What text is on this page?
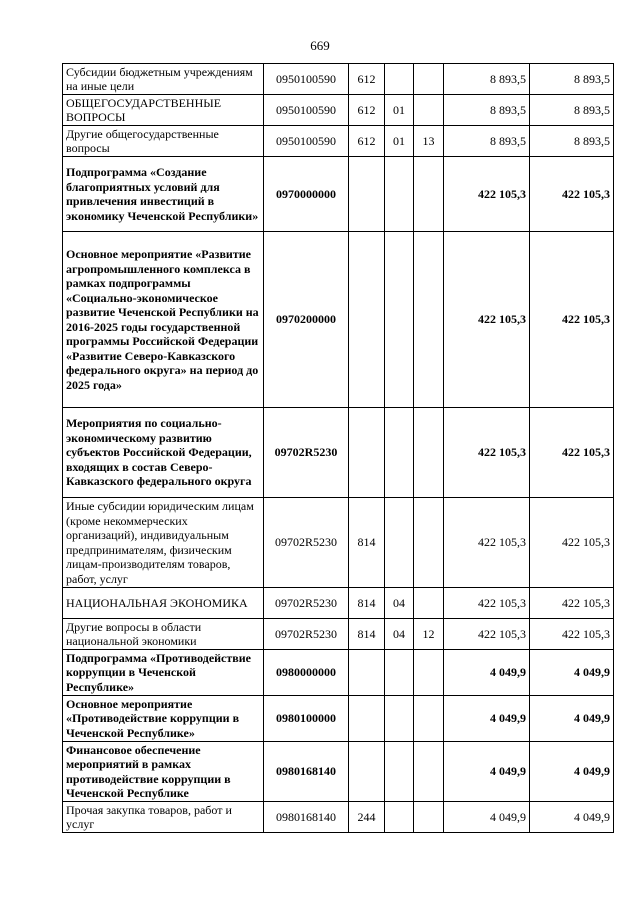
669
Субсидии бюджетным учреждениям на иные цели	0950100590	612			8 893,5	8 893,5
ОБЩЕГОСУДАРСТВЕННЫЕ ВОПРОСЫ	0950100590	612	01		8 893,5	8 893,5
Другие общегосударственные вопросы	0950100590	612	01	13	8 893,5	8 893,5
Подпрограмма «Создание благоприятных условий для привлечения инвестиций в экономику Чеченской Республики»	0970000000				422 105,3	422 105,3
Основное мероприятие «Развитие агропромышленного комплекса в рамках подпрограммы «Социально-экономическое развитие Чеченской Республики на 2016-2025 годы государственной программы Российской Федерации «Развитие Северо-Кавказского федерального округа» на период до 2025 года»	0970200000				422 105,3	422 105,3
Мероприятия по социально-экономическому развитию субъектов Российской Федерации, входящих в состав Северо-Кавказского федерального округа	09702R5230				422 105,3	422 105,3
Иные субсидии юридическим лицам (кроме некоммерческих организаций), индивидуальным предпринимателям, физическим лицам-производителям товаров, работ, услуг	09702R5230	814			422 105,3	422 105,3
НАЦИОНАЛЬНАЯ ЭКОНОМИКА	09702R5230	814	04		422 105,3	422 105,3
Другие вопросы в области национальной экономики	09702R5230	814	04	12	422 105,3	422 105,3
Подпрограмма «Противодействие коррупции в Чеченской Республике»	0980000000				4 049,9	4 049,9
Основное мероприятие «Противодействие коррупции в Чеченской Республике»	0980100000				4 049,9	4 049,9
Финансовое обеспечение мероприятий в рамках противодействие коррупции в Чеченской Республике	0980168140				4 049,9	4 049,9
Прочая закупка товаров, работ и услуг	0980168140	244			4 049,9	4 049,9
